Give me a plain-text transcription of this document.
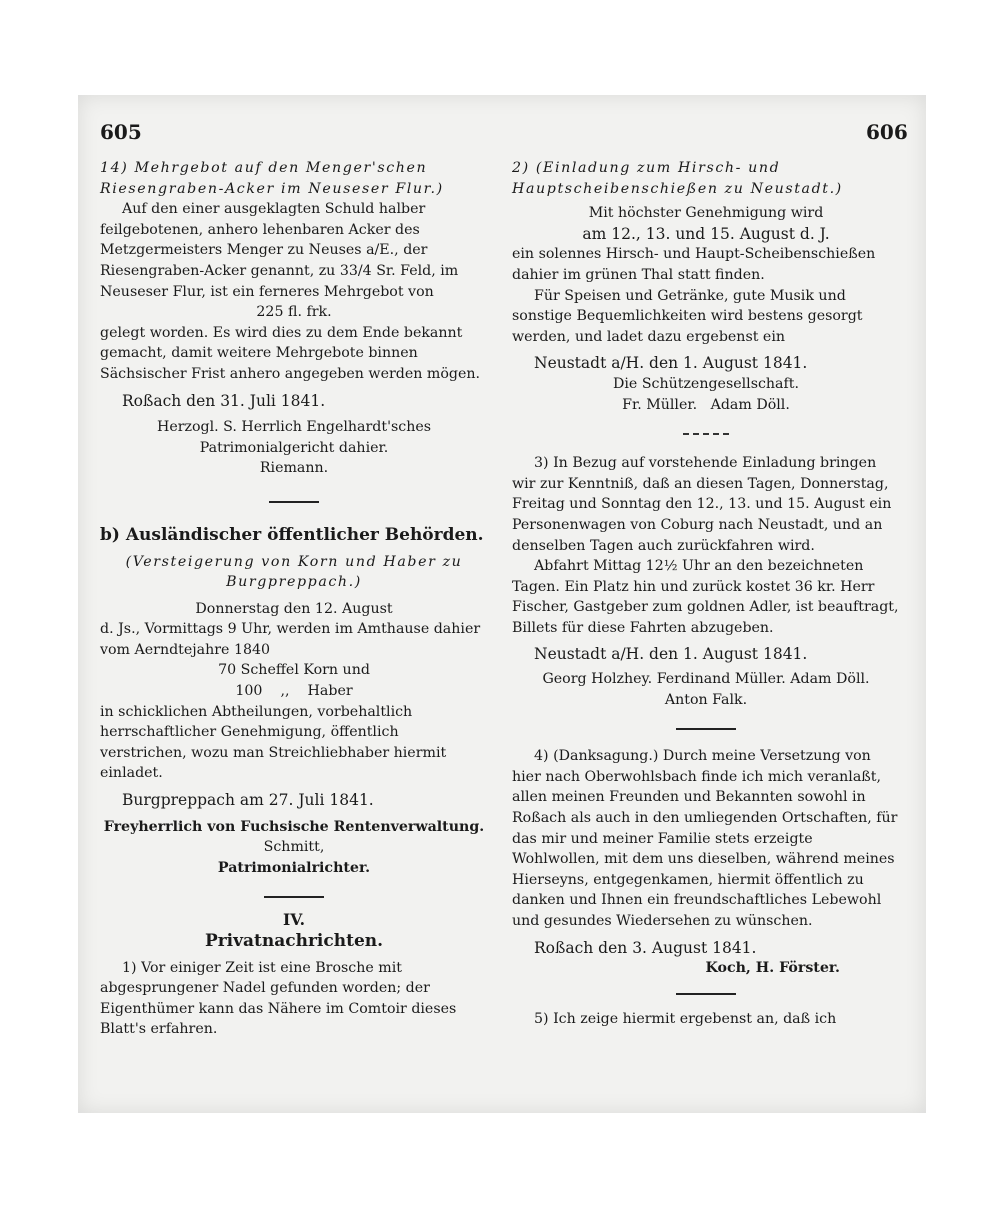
605	606

14) Mehrgebot auf den Menger'schen Riesengraben-Acker im Neuseser Flur.)

Auf den einer ausgeklagten Schuld halber feilgebotenen, anhero lehenbaren Acker des Metzgermeisters Menger zu Neuses a/E., der Riesengraben-Acker genannt, zu 33/4 Sr. Feld, im Neuseser Flur, ist ein ferneres Mehrgebot von

225 fl. frk.

gelegt worden. Es wird dies zu dem Ende bekannt gemacht, damit weitere Mehrgebote binnen Sächsischer Frist anhero angegeben werden mögen.

Roßach den 31. Juli 1841.

Herzogl. S. Herrlich Engelhardt'sches Patrimonialgericht dahier.

Riemann.

b) Ausländischer öffentlicher Behörden.

(Versteigerung von Korn und Haber zu Burgpreppach.)

Donnerstag den 12. August

d. Js., Vormittags 9 Uhr, werden im Amthause dahier vom Aerndtejahre 1840

70 Scheffel Korn und

100    ,,    Haber

in schicklichen Abtheilungen, vorbehaltlich herrschaftlicher Genehmigung, öffentlich verstrichen, wozu man Streichliebhaber hiermit einladet.

Burgpreppach am 27. Juli 1841.

Freyherrlich von Fuchsische Rentenverwaltung.

Schmitt,

Patrimonialrichter.

IV.

Privatnachrichten.

1) Vor einiger Zeit ist eine Brosche mit abgesprungener Nadel gefunden worden; der Eigenthümer kann das Nähere im Comtoir dieses Blatt's erfahren.

2) (Einladung zum Hirsch- und Hauptscheibenschießen zu Neustadt.)

Mit höchster Genehmigung wird

am 12., 13. und 15. August d. J.

ein solennes Hirsch- und Haupt-Scheibenschießen dahier im grünen Thal statt finden.

Für Speisen und Getränke, gute Musik und sonstige Bequemlichkeiten wird bestens gesorgt werden, und ladet dazu ergebenst ein

Neustadt a/H. den 1. August 1841.

Die Schützengesellschaft.

Fr. Müller.   Adam Döll.

3) In Bezug auf vorstehende Einladung bringen wir zur Kenntniß, daß an diesen Tagen, Donnerstag, Freitag und Sonntag den 12., 13. und 15. August ein Personenwagen von Coburg nach Neustadt, und an denselben Tagen auch zurückfahren wird.

Abfahrt Mittag 12½ Uhr an den bezeichneten Tagen. Ein Platz hin und zurück kostet 36 kr. Herr Fischer, Gastgeber zum goldnen Adler, ist beauftragt, Billets für diese Fahrten abzugeben.

Neustadt a/H. den 1. August 1841.

Georg Holzhey. Ferdinand Müller. Adam Döll.

Anton Falk.

4) (Danksagung.) Durch meine Versetzung von hier nach Oberwohlsbach finde ich mich veranlaßt, allen meinen Freunden und Bekannten sowohl in Roßach als auch in den umliegenden Ortschaften, für das mir und meiner Familie stets erzeigte Wohlwollen, mit dem uns dieselben, während meines Hierseyns, entgegenkamen, hiermit öffentlich zu danken und Ihnen ein freundschaftliches Lebewohl und gesundes Wiedersehen zu wünschen.

Roßach den 3. August 1841.

Koch, H. Förster.

5) Ich zeige hiermit ergebenst an, daß ich
